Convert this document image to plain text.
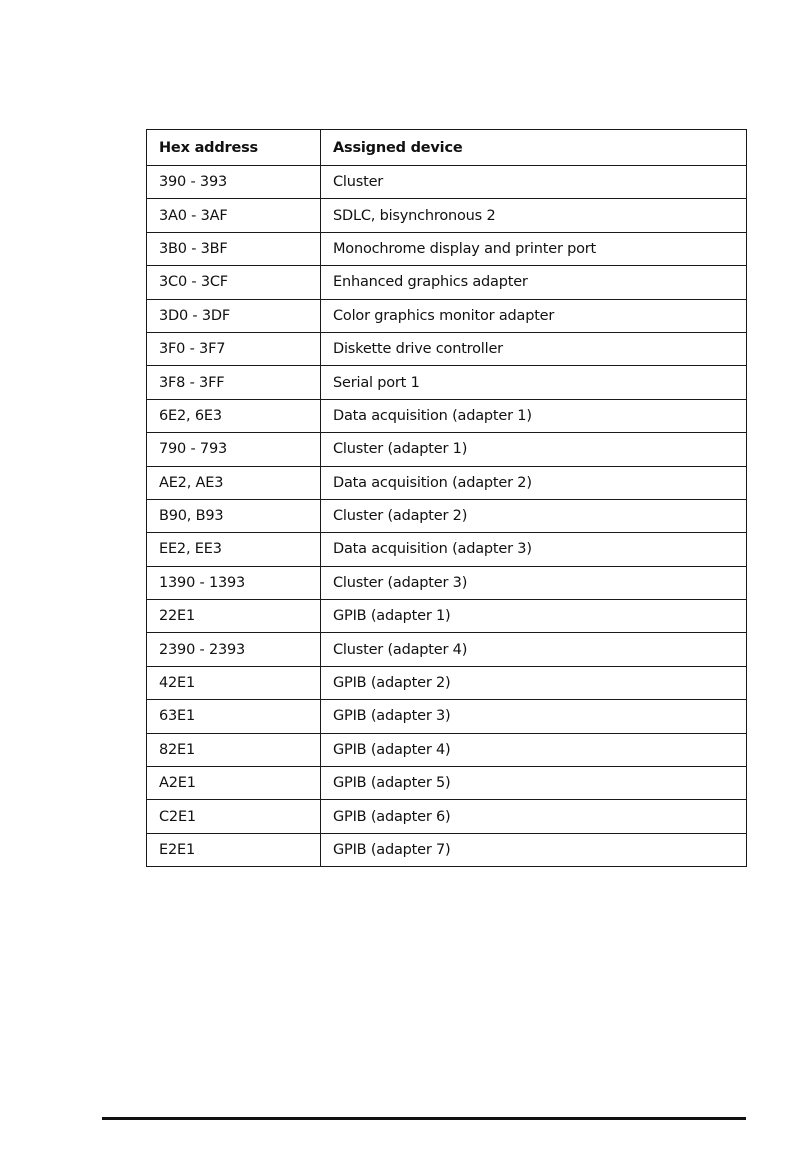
Hex address	Assigned device
390 - 393	Cluster
3A0 - 3AF	SDLC, bisynchronous 2
3B0 - 3BF	Monochrome display and printer port
3C0 - 3CF	Enhanced graphics adapter
3D0 - 3DF	Color graphics monitor adapter
3F0 - 3F7	Diskette drive controller
3F8 - 3FF	Serial port 1
6E2, 6E3	Data acquisition (adapter 1)
790 - 793	Cluster (adapter 1)
AE2, AE3	Data acquisition (adapter 2)
B90, B93	Cluster (adapter 2)
EE2, EE3	Data acquisition (adapter 3)
1390 - 1393	Cluster (adapter 3)
22E1	GPIB (adapter 1)
2390 - 2393	Cluster (adapter 4)
42E1	GPIB (adapter 2)
63E1	GPIB (adapter 3)
82E1	GPIB (adapter 4)
A2E1	GPIB (adapter 5)
C2E1	GPIB (adapter 6)
E2E1	GPIB (adapter 7)
